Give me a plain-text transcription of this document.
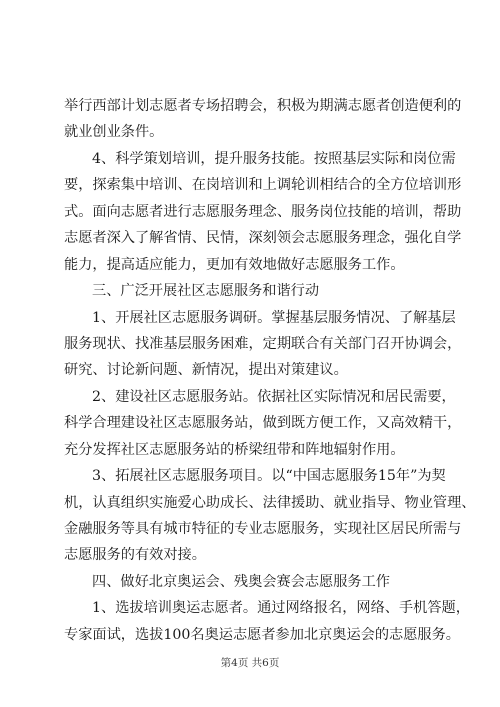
举行西部计划志愿者专场招聘会，积极为期满志愿者创造便利的
就业创业条件。
4、科学策划培训，提升服务技能。按照基层实际和岗位需
要，探索集中培训、在岗培训和上调轮训相结合的全方位培训形
式。面向志愿者进行志愿服务理念、服务岗位技能的培训，帮助
志愿者深入了解省情、民情，深刻领会志愿服务理念，强化自学
能力，提高适应能力，更加有效地做好志愿服务工作。
三、广泛开展社区志愿服务和谐行动
1、开展社区志愿服务调研。掌握基层服务情况、了解基层
服务现状、找准基层服务困难，定期联合有关部门召开协调会，
研究、讨论新问题、新情况，提出对策建议。
2、建设社区志愿服务站。依据社区实际情况和居民需要，
科学合理建设社区志愿服务站，做到既方便工作，又高效精干，
充分发挥社区志愿服务站的桥梁纽带和阵地辐射作用。
3、拓展社区志愿服务项目。以“中国志愿服务15年”为契
机，认真组织实施爱心助成长、法律援助、就业指导、物业管理、
金融服务等具有城市特征的专业志愿服务，实现社区居民所需与
志愿服务的有效对接。
四、做好北京奥运会、残奥会赛会志愿服务工作
1、选拔培训奥运志愿者。通过网络报名，网络、手机答题，
专家面试，选拔100名奥运志愿者参加北京奥运会的志愿服务。
第4页 共6页
